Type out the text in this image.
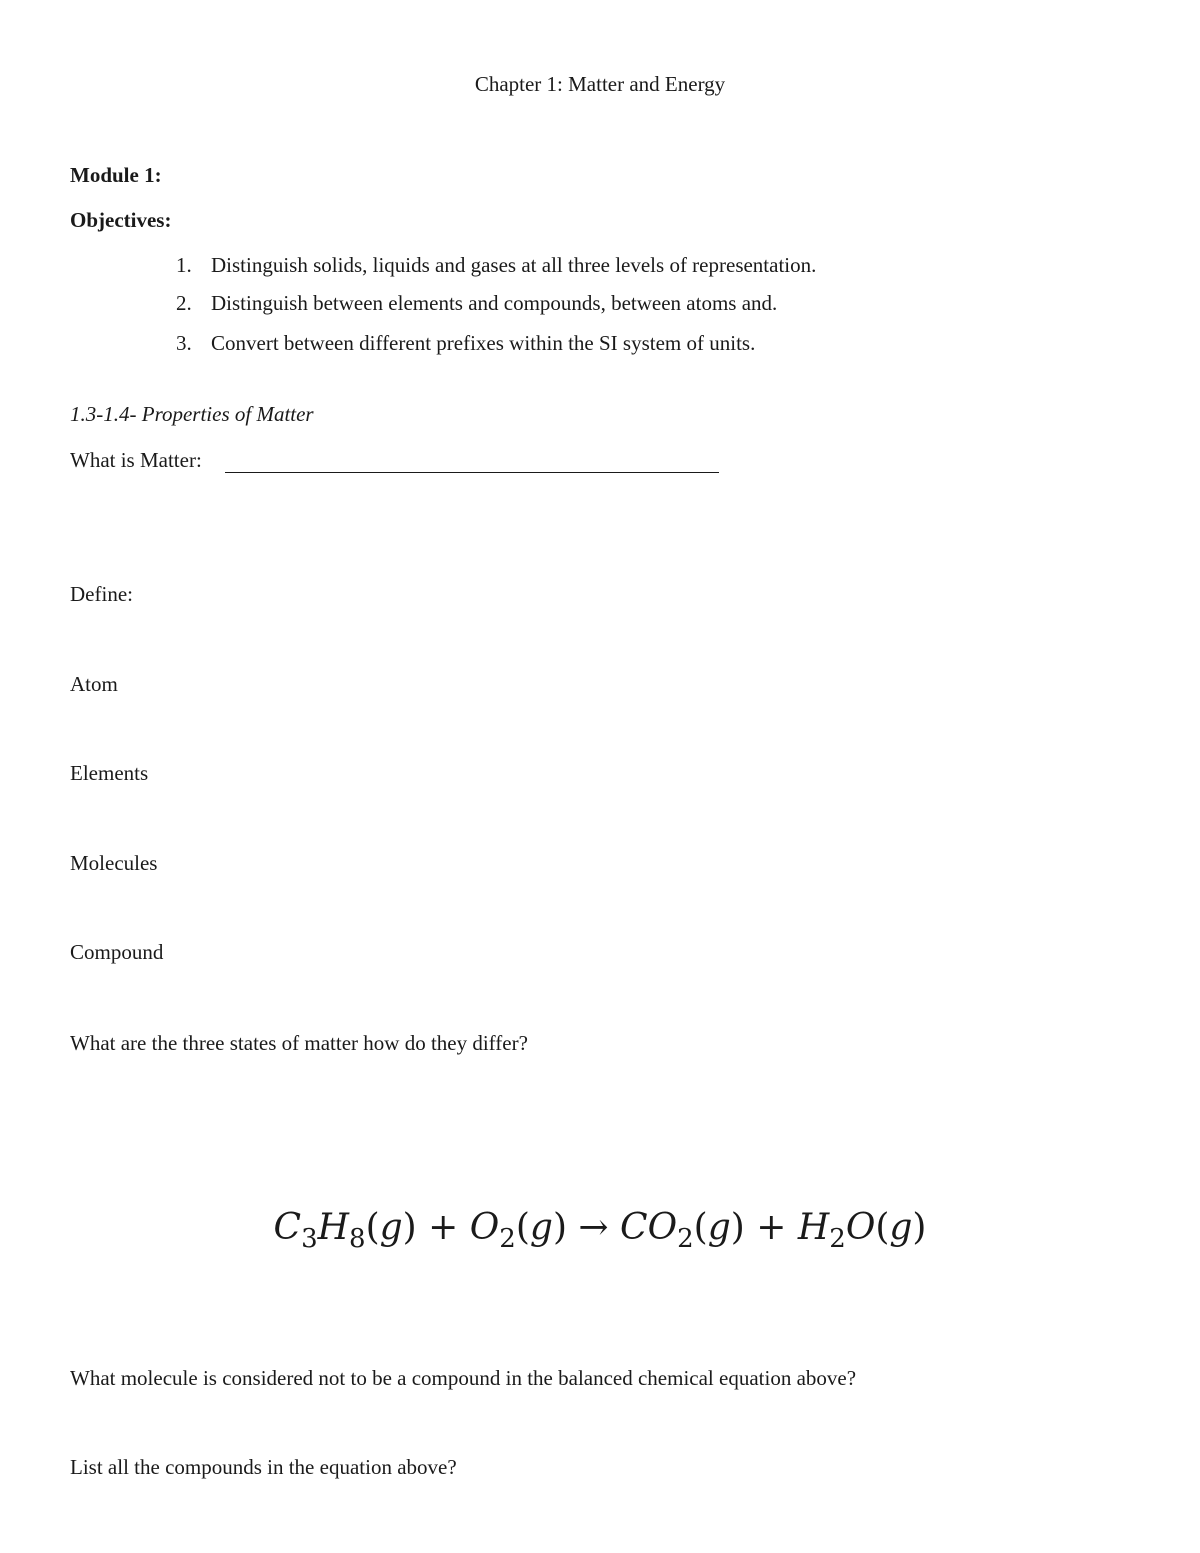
Chapter 1: Matter and Energy
Module 1:
Objectives:
1. Distinguish solids, liquids and gases at all three levels of representation.
2. Distinguish between elements and compounds, between atoms and.
3. Convert between different prefixes within the SI system of units.
1.3-1.4- Properties of Matter
What is Matter:
Define:
Atom
Elements
Molecules
Compound
What are the three states of matter how do they differ?
$C_3H_8(g) + O_2(g) \to CO_2(g) + H_2O(g)$
What molecule is considered not to be a compound in the balanced chemical equation above?
List all the compounds in the equation above?
